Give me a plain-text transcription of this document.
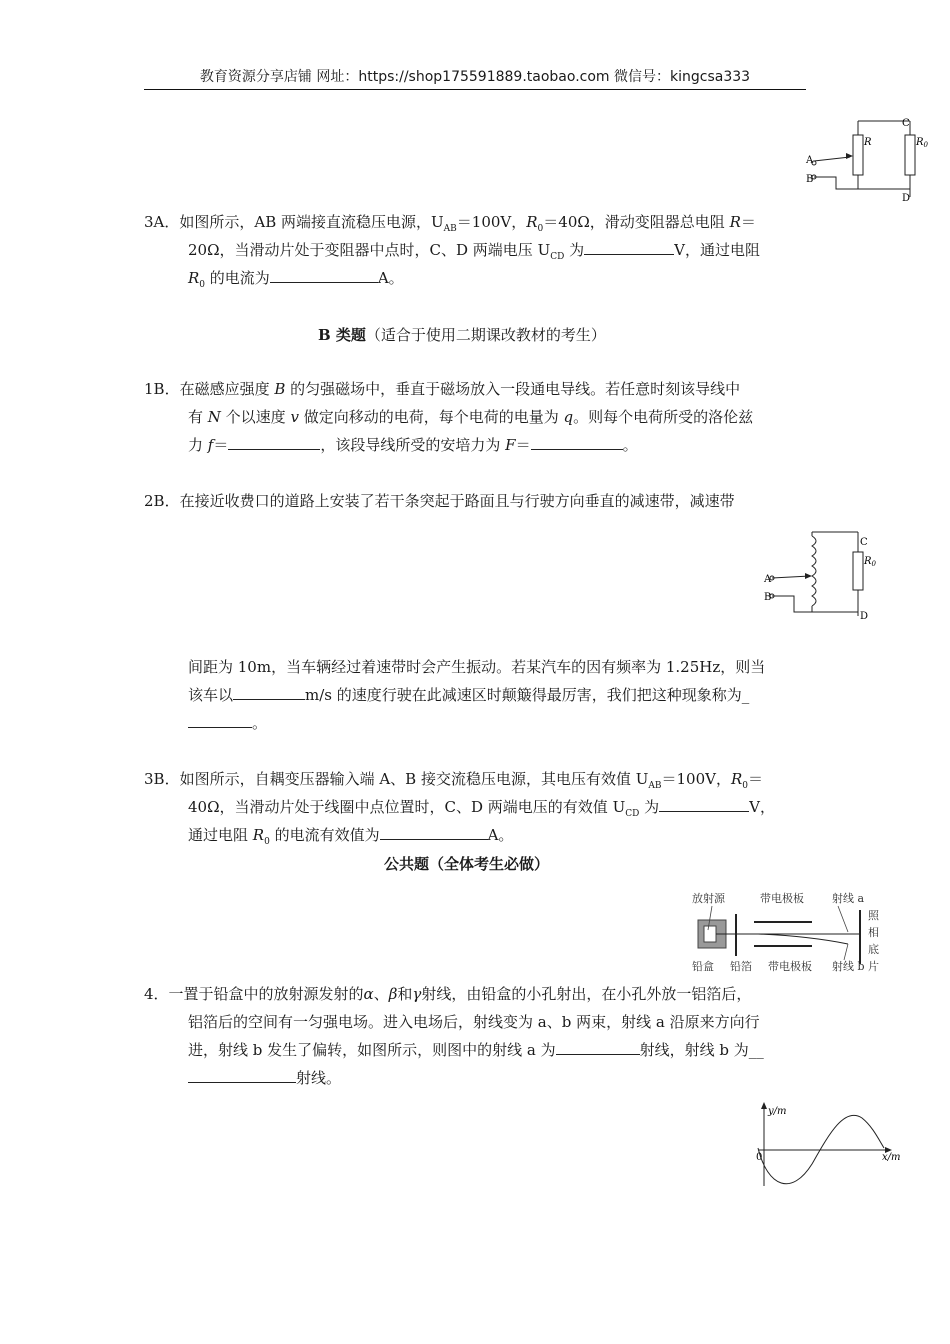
教育资源分享店铺 网址：https://shop175591889.taobao.com 微信号：kingcsa333
A
B
C
D
R	$R_0$
3A．如图所示，AB 两端接直流稳压电源，$U_{AB}=100V$，$R_0=40\Omega$，滑动变阻器总电阻 R＝
20Ω，当滑动片处于变阻器中点时，C、D 两端电压 $U_{CD}$ 为	V，通过电阻
$R_0$ 的电流为	A。
B 类题（适合于使用二期课改教材的考生）
1B．在磁感应强度 B 的匀强磁场中，垂直于磁场放入一段通电导线。若任意时刻该导线中
有 N 个以速度 v 做定向移动的电荷，每个电荷的电量为 q。则每个电荷所受的洛伦兹
力 f＝	，该段导线所受的安培力为 F＝	。
2B．在接近收费口的道路上安装了若干条突起于路面且与行驶方向垂直的减速带，减速带
A
B
C
D
$R_0$
间距为 10m，当车辆经过着速带时会产生振动。若某汽车的因有频率为 1.25Hz，则当
该车以	m/s 的速度行驶在此减速区时颠簸得最厉害，我们把这种现象称为_
。
3B．如图所示，自耦变压器输入端 A、B 接交流稳压电源，其电压有效值 $U_{AB}=100V$，$R_0=$
40Ω，当滑动片处于线圈中点位置时，C、D 两端电压的有效值 $U_{CD}$ 为	V，
通过电阻 $R_0$ 的电流有效值为	A。
公共题（全体考生必做）
放射源	带电极板	射线 a
照
相
底
片
铅盒 铅箔 带电极板 射线 b
4．一置于铅盒中的放射源发射的α、β和γ射线，由铅盒的小孔射出，在小孔外放一铝箔后，
铝箔后的空间有一匀强电场。进入电场后，射线变为 a、b 两束，射线 a 沿原来方向行
进，射线 b 发生了偏转，如图所示，则图中的射线 a 为	射线，射线 b 为__
射线。
y/m
x/m
0
